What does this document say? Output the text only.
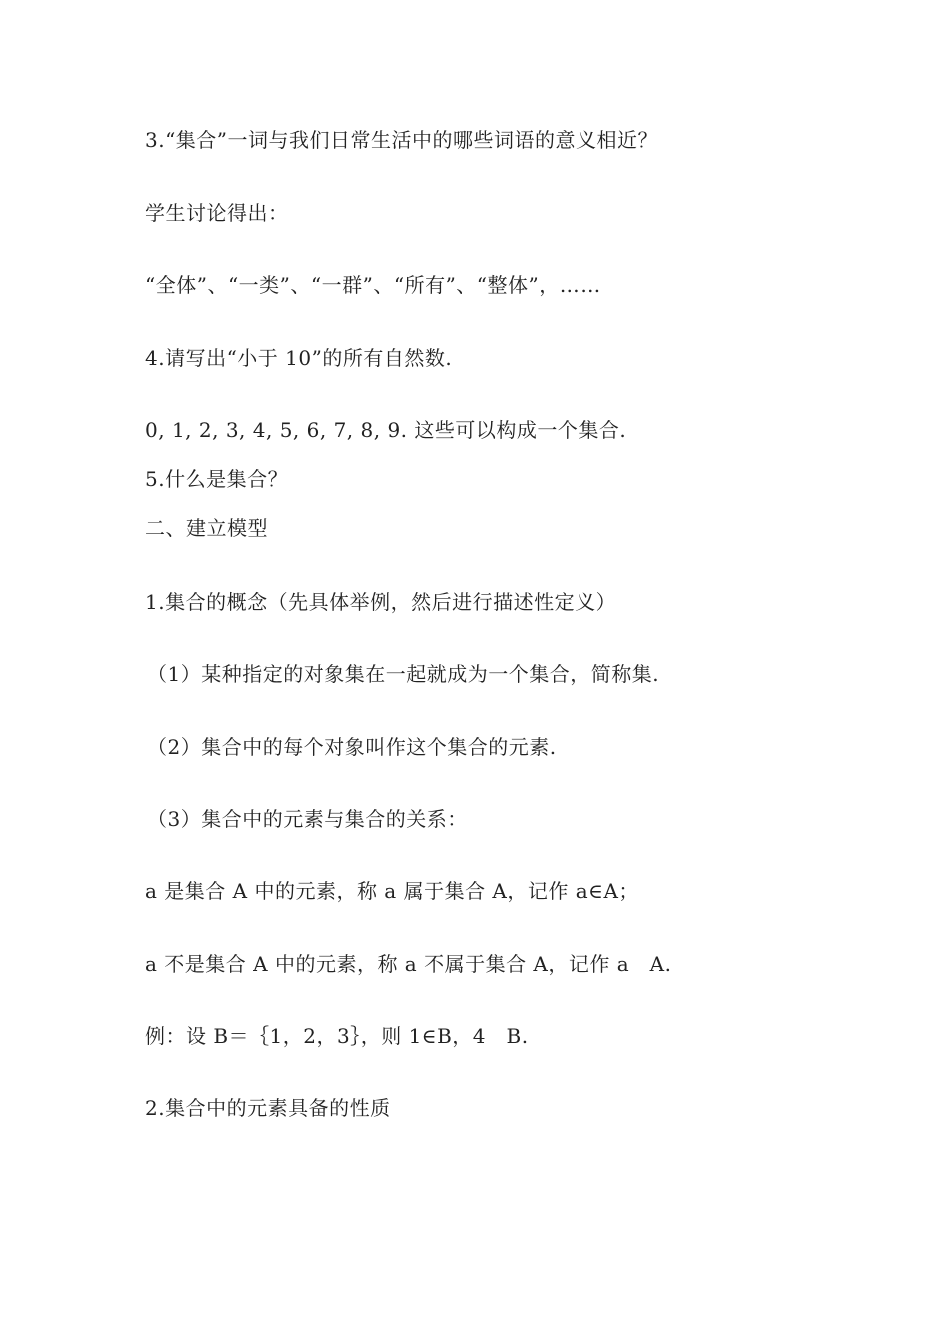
3.“集合”一词与我们日常生活中的哪些词语的意义相近？
学生讨论得出：
“全体”、“一类”、“一群”、“所有”、“整体”，……
4.请写出“小于 10”的所有自然数.
0, 1, 2, 3, 4, 5, 6, 7, 8, 9. 这些可以构成一个集合.
5.什么是集合？
二、建立模型
1.集合的概念（先具体举例，然后进行描述性定义）
（1）某种指定的对象集在一起就成为一个集合，简称集.
（2）集合中的每个对象叫作这个集合的元素.
（3）集合中的元素与集合的关系：
a 是集合 A 中的元素，称 a 属于集合 A，记作 a∈A；
a 不是集合 A 中的元素，称 a 不属于集合 A，记作 a　A.
例：设 B＝｛1，2，3｝，则 1∈B，4　B.
2.集合中的元素具备的性质
